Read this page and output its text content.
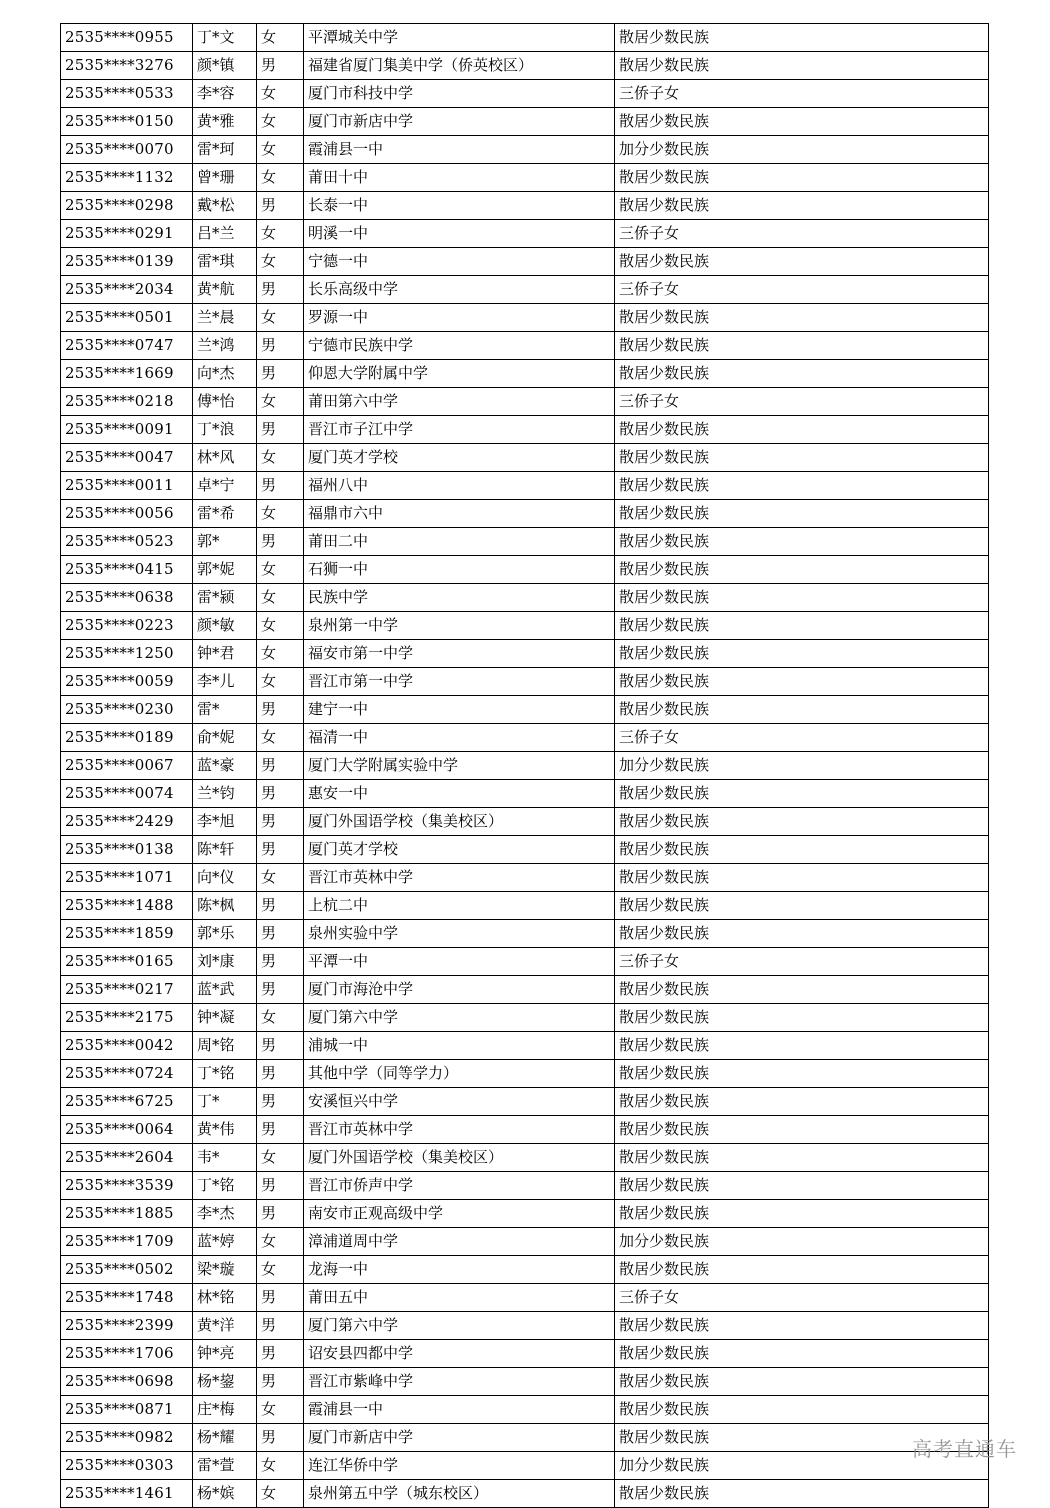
2535****0955	丁*文	女	平潭城关中学	散居少数民族
2535****3276	颜*镇	男	福建省厦门集美中学（侨英校区）	散居少数民族
2535****0533	李*容	女	厦门市科技中学	三侨子女
2535****0150	黄*雅	女	厦门市新店中学	散居少数民族
2535****0070	雷*珂	女	霞浦县一中	加分少数民族
2535****1132	曾*珊	女	莆田十中	散居少数民族
2535****0298	戴*松	男	长泰一中	散居少数民族
2535****0291	吕*兰	女	明溪一中	三侨子女
2535****0139	雷*琪	女	宁德一中	散居少数民族
2535****2034	黄*航	男	长乐高级中学	三侨子女
2535****0501	兰*晨	女	罗源一中	散居少数民族
2535****0747	兰*鸿	男	宁德市民族中学	散居少数民族
2535****1669	向*杰	男	仰恩大学附属中学	散居少数民族
2535****0218	傅*怡	女	莆田第六中学	三侨子女
2535****0091	丁*浪	男	晋江市子江中学	散居少数民族
2535****0047	林*风	女	厦门英才学校	散居少数民族
2535****0011	卓*宁	男	福州八中	散居少数民族
2535****0056	雷*希	女	福鼎市六中	散居少数民族
2535****0523	郭*	男	莆田二中	散居少数民族
2535****0415	郭*妮	女	石狮一中	散居少数民族
2535****0638	雷*颍	女	民族中学	散居少数民族
2535****0223	颜*敏	女	泉州第一中学	散居少数民族
2535****1250	钟*君	女	福安市第一中学	散居少数民族
2535****0059	李*儿	女	晋江市第一中学	散居少数民族
2535****0230	雷*	男	建宁一中	散居少数民族
2535****0189	俞*妮	女	福清一中	三侨子女
2535****0067	蓝*豪	男	厦门大学附属实验中学	加分少数民族
2535****0074	兰*钧	男	惠安一中	散居少数民族
2535****2429	李*旭	男	厦门外国语学校（集美校区）	散居少数民族
2535****0138	陈*轩	男	厦门英才学校	散居少数民族
2535****1071	向*仪	女	晋江市英林中学	散居少数民族
2535****1488	陈*枫	男	上杭二中	散居少数民族
2535****1859	郭*乐	男	泉州实验中学	散居少数民族
2535****0165	刘*康	男	平潭一中	三侨子女
2535****0217	蓝*武	男	厦门市海沧中学	散居少数民族
2535****2175	钟*凝	女	厦门第六中学	散居少数民族
2535****0042	周*铭	男	浦城一中	散居少数民族
2535****0724	丁*铭	男	其他中学（同等学力）	散居少数民族
2535****6725	丁*	男	安溪恒兴中学	散居少数民族
2535****0064	黄*伟	男	晋江市英林中学	散居少数民族
2535****2604	韦*	女	厦门外国语学校（集美校区）	散居少数民族
2535****3539	丁*铭	男	晋江市侨声中学	散居少数民族
2535****1885	李*杰	男	南安市正观高级中学	散居少数民族
2535****1709	蓝*婷	女	漳浦道周中学	加分少数民族
2535****0502	梁*璇	女	龙海一中	散居少数民族
2535****1748	林*铭	男	莆田五中	三侨子女
2535****2399	黄*洋	男	厦门第六中学	散居少数民族
2535****1706	钟*亮	男	诏安县四都中学	散居少数民族
2535****0698	杨*鋆	男	晋江市紫峰中学	散居少数民族
2535****0871	庄*梅	女	霞浦县一中	散居少数民族
2535****0982	杨*耀	男	厦门市新店中学	散居少数民族
2535****0303	雷*萱	女	连江华侨中学	加分少数民族
2535****1461	杨*嫔	女	泉州第五中学（城东校区）	散居少数民族
高考直通车
